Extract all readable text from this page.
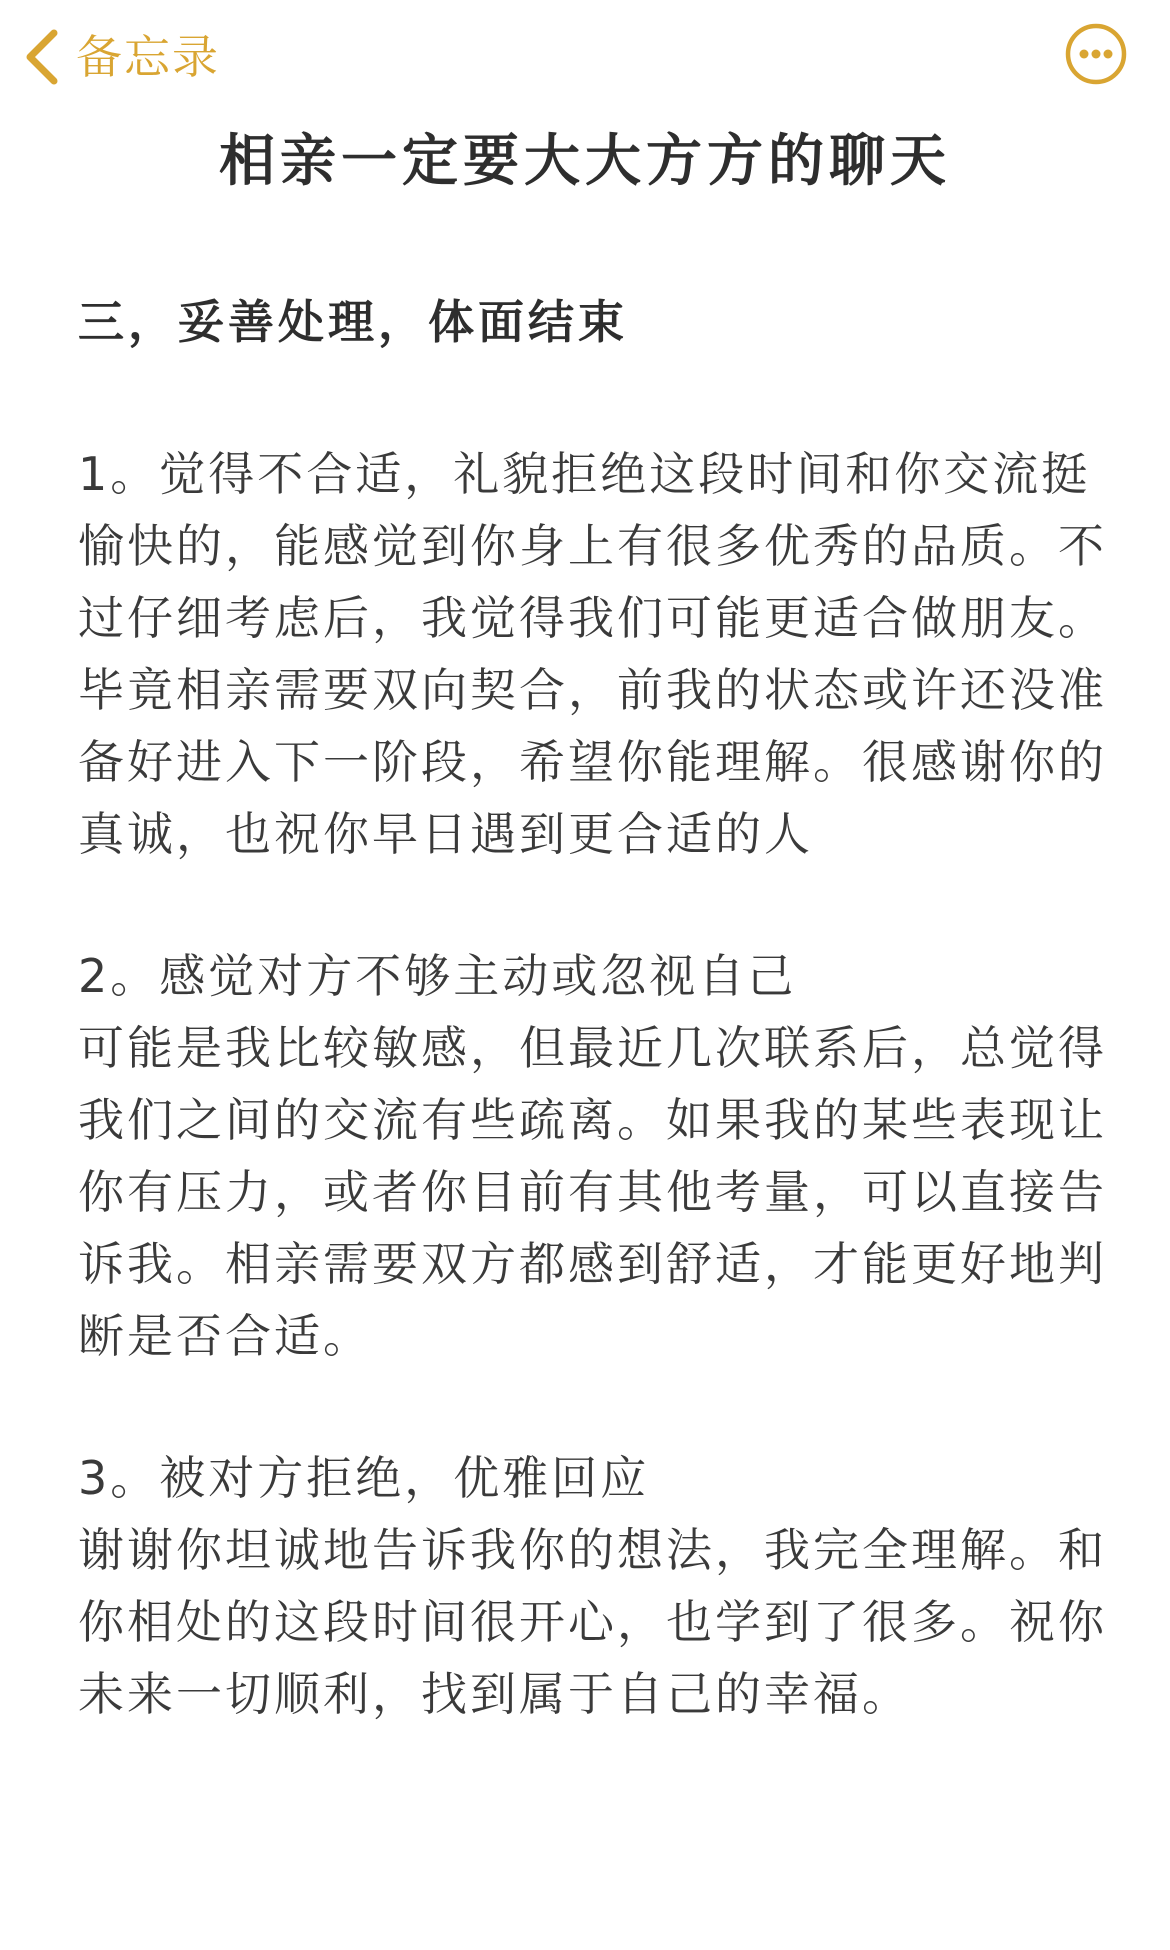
备忘录
相亲一定要大大方方的聊天
三，妥善处理，体面结束
1。觉得不合适，礼貌拒绝这段时间和你交流挺愉快的，能感觉到你身上有很多优秀的品质。不过仔细考虑后，我觉得我们可能更适合做朋友。毕竟相亲需要双向契合，前我的状态或许还没准备好进入下一阶段，希望你能理解。很感谢你的真诚，也祝你早日遇到更合适的人
2。感觉对方不够主动或忽视自己
可能是我比较敏感，但最近几次联系后，总觉得我们之间的交流有些疏离。如果我的某些表现让你有压力，或者你目前有其他考量，可以直接告诉我。相亲需要双方都感到舒适，才能更好地判断是否合适。
3。被对方拒绝，优雅回应
谢谢你坦诚地告诉我你的想法，我完全理解。和你相处的这段时间很开心，也学到了很多。祝你未来一切顺利，找到属于自己的幸福。
